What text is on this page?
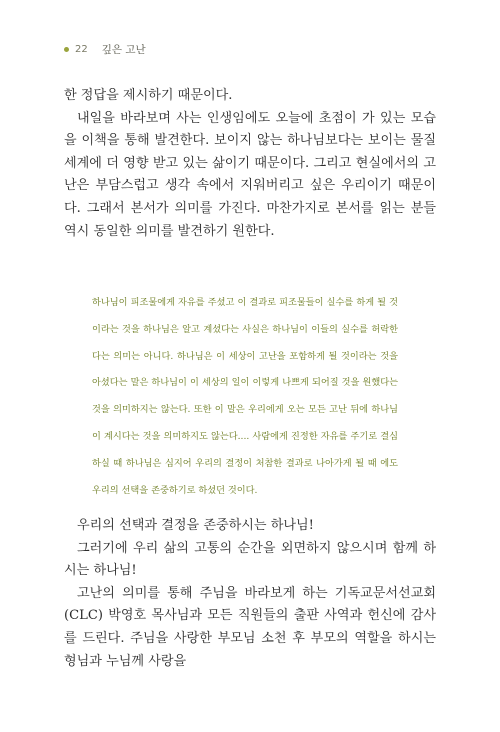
22 깊은 고난

한 정답을 제시하기 때문이다.

내일을 바라보며 사는 인생임에도 오늘에 초점이 가 있는 모습을 이책을 통해 발견한다. 보이지 않는 하나님보다는 보이는 물질세계에 더 영향 받고 있는 삶이기 때문이다. 그리고 현실에서의 고난은 부담스럽고 생각 속에서 지워버리고 싶은 우리이기 때문이다. 그래서 본서가 의미를 가진다. 마찬가지로 본서를 읽는 분들 역시 동일한 의미를 발견하기 원한다.

하나님이 피조물에게 자유를 주셨고 이 결과로 피조물들이 실수를 하게 될 것이라는 것을 하나님은 알고 계셨다는 사실은 하나님이 이들의 실수를 허락한다는 의미는 아니다. 하나님은 이 세상이 고난을 포함하게 될 것이라는 것을 아셨다는 말은 하나님이 이 세상의 일이 이렇게 나쁘게 되어질 것을 원했다는 것을 의미하지는 않는다. 또한 이 말은 우리에게 오는 모든 고난 뒤에 하나님이 계시다는 것을 의미하지도 않는다.... 사람에게 진정한 자유를 주기로 결심하실 때 하나님은 심지어 우리의 결정이 처참한 결과로 나아가게 될 때 에도 우리의 선택을 존중하기로 하셨던 것이다.

우리의 선택과 결정을 존중하시는 하나님!

그러기에 우리 삶의 고통의 순간을 외면하지 않으시며 함께 하시는 하나님!

고난의 의미를 통해 주님을 바라보게 하는 기독교문서선교회(CLC) 박영호 목사님과 모든 직원들의 출판 사역과 헌신에 감사를 드린다. 주님을 사랑한 부모님 소천 후 부모의 역할을 하시는 형님과 누님께 사랑을
